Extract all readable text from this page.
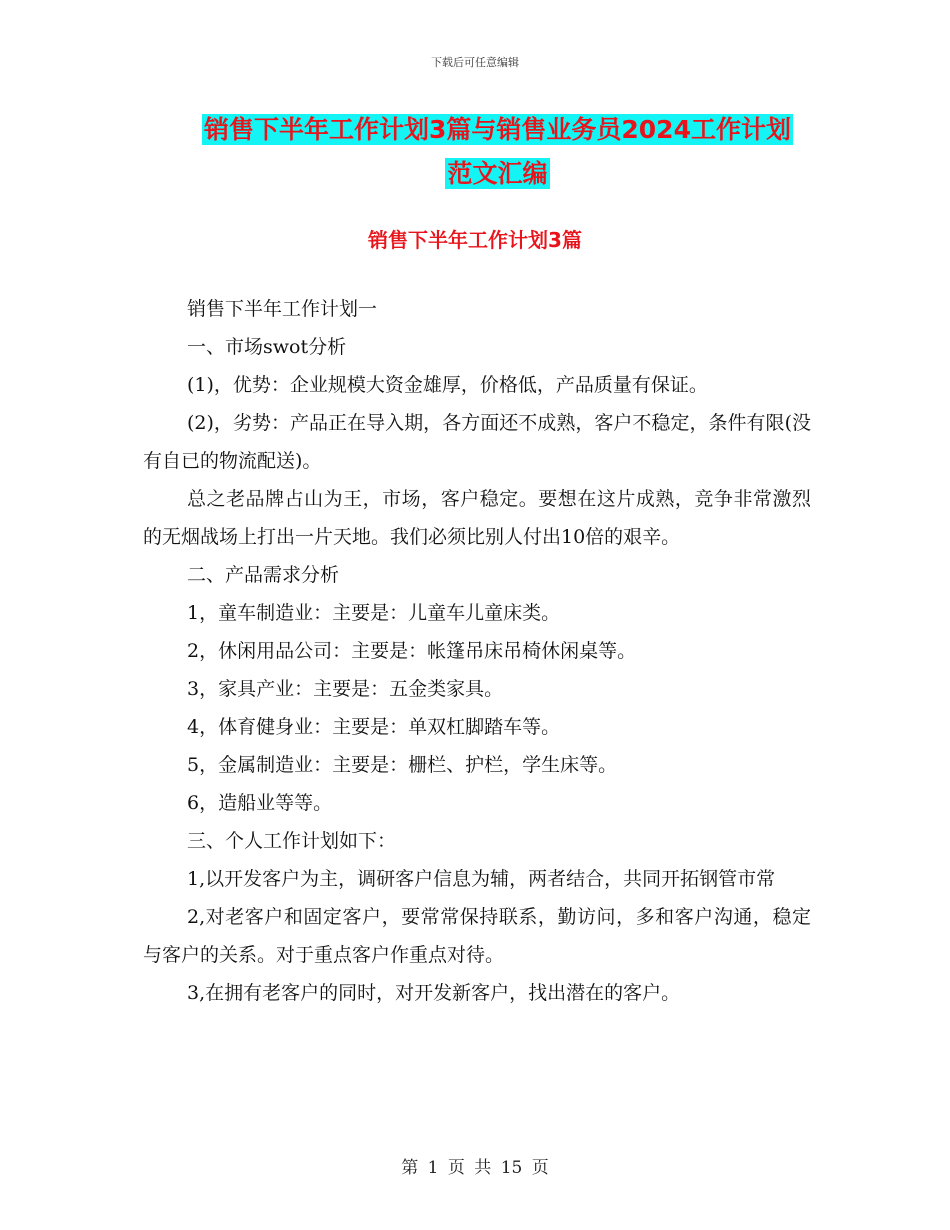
下载后可任意编辑
销售下半年工作计划3篇与销售业务员2024工作计划
范文汇编
销售下半年工作计划3篇

销售下半年工作计划一

一、市场swot分析

(1)，优势：企业规模大资金雄厚，价格低，产品质量有保证。

(2)，劣势：产品正在导入期，各方面还不成熟，客户不稳定，条件有限(没有自已的物流配送)。

总之老品牌占山为王，市场，客户稳定。要想在这片成熟，竞争非常激烈的无烟战场上打出一片天地。我们必须比别人付出10倍的艰辛。

二、产品需求分析

1，童车制造业：主要是：儿童车儿童床类。

2，休闲用品公司：主要是：帐篷吊床吊椅休闲桌等。

3，家具产业：主要是：五金类家具。

4，体育健身业：主要是：单双杠脚踏车等。

5，金属制造业：主要是：栅栏、护栏，学生床等。

6，造船业等等。

三、个人工作计划如下：

1,以开发客户为主，调研客户信息为辅，两者结合，共同开拓钢管市常

2,对老客户和固定客户，要常常保持联系，勤访问，多和客户沟通，稳定与客户的关系。对于重点客户作重点对待。

3,在拥有老客户的同时，对开发新客户，找出潜在的客户。

第 1 页 共 15 页
